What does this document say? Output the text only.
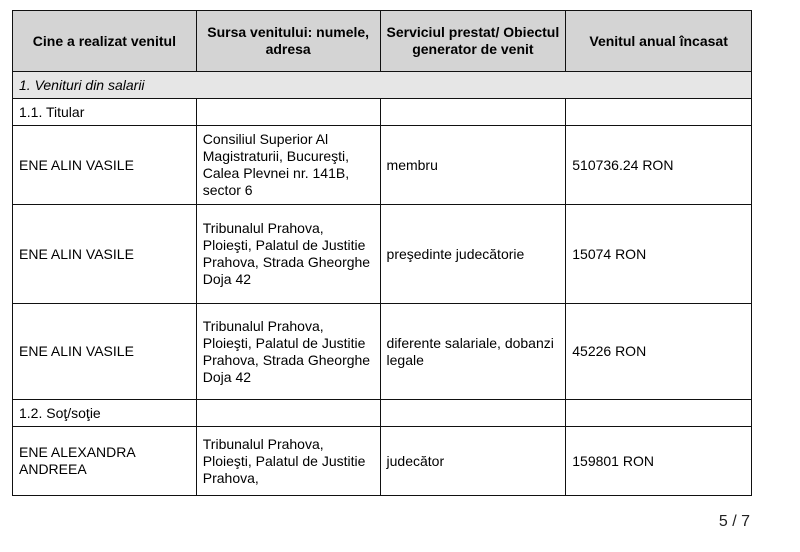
Cine a realizat venitul	Sursa venitului: numele, adresa	Serviciul prestat/ Obiectul generator de venit	Venitul anual încasat
1. Venituri din salarii			
1.1. Titular			
ENE ALIN VASILE	Consiliul Superior Al Magistraturii, Bucureşti, Calea Plevnei nr. 141B, sector 6	membru	510736.24 RON
ENE ALIN VASILE	Tribunalul Prahova, Ploieşti, Palatul de Justitie Prahova, Strada Gheorghe Doja 42	preşedinte judecătorie	15074 RON
ENE ALIN VASILE	Tribunalul Prahova, Ploieşti, Palatul de Justitie Prahova, Strada Gheorghe Doja 42	diferente salariale, dobanzi legale	45226 RON
1.2. Soţ/soţie			
ENE ALEXANDRA ANDREEA	Tribunalul Prahova, Ploieşti, Palatul de Justitie Prahova,	judecător	159801 RON
5 / 7
